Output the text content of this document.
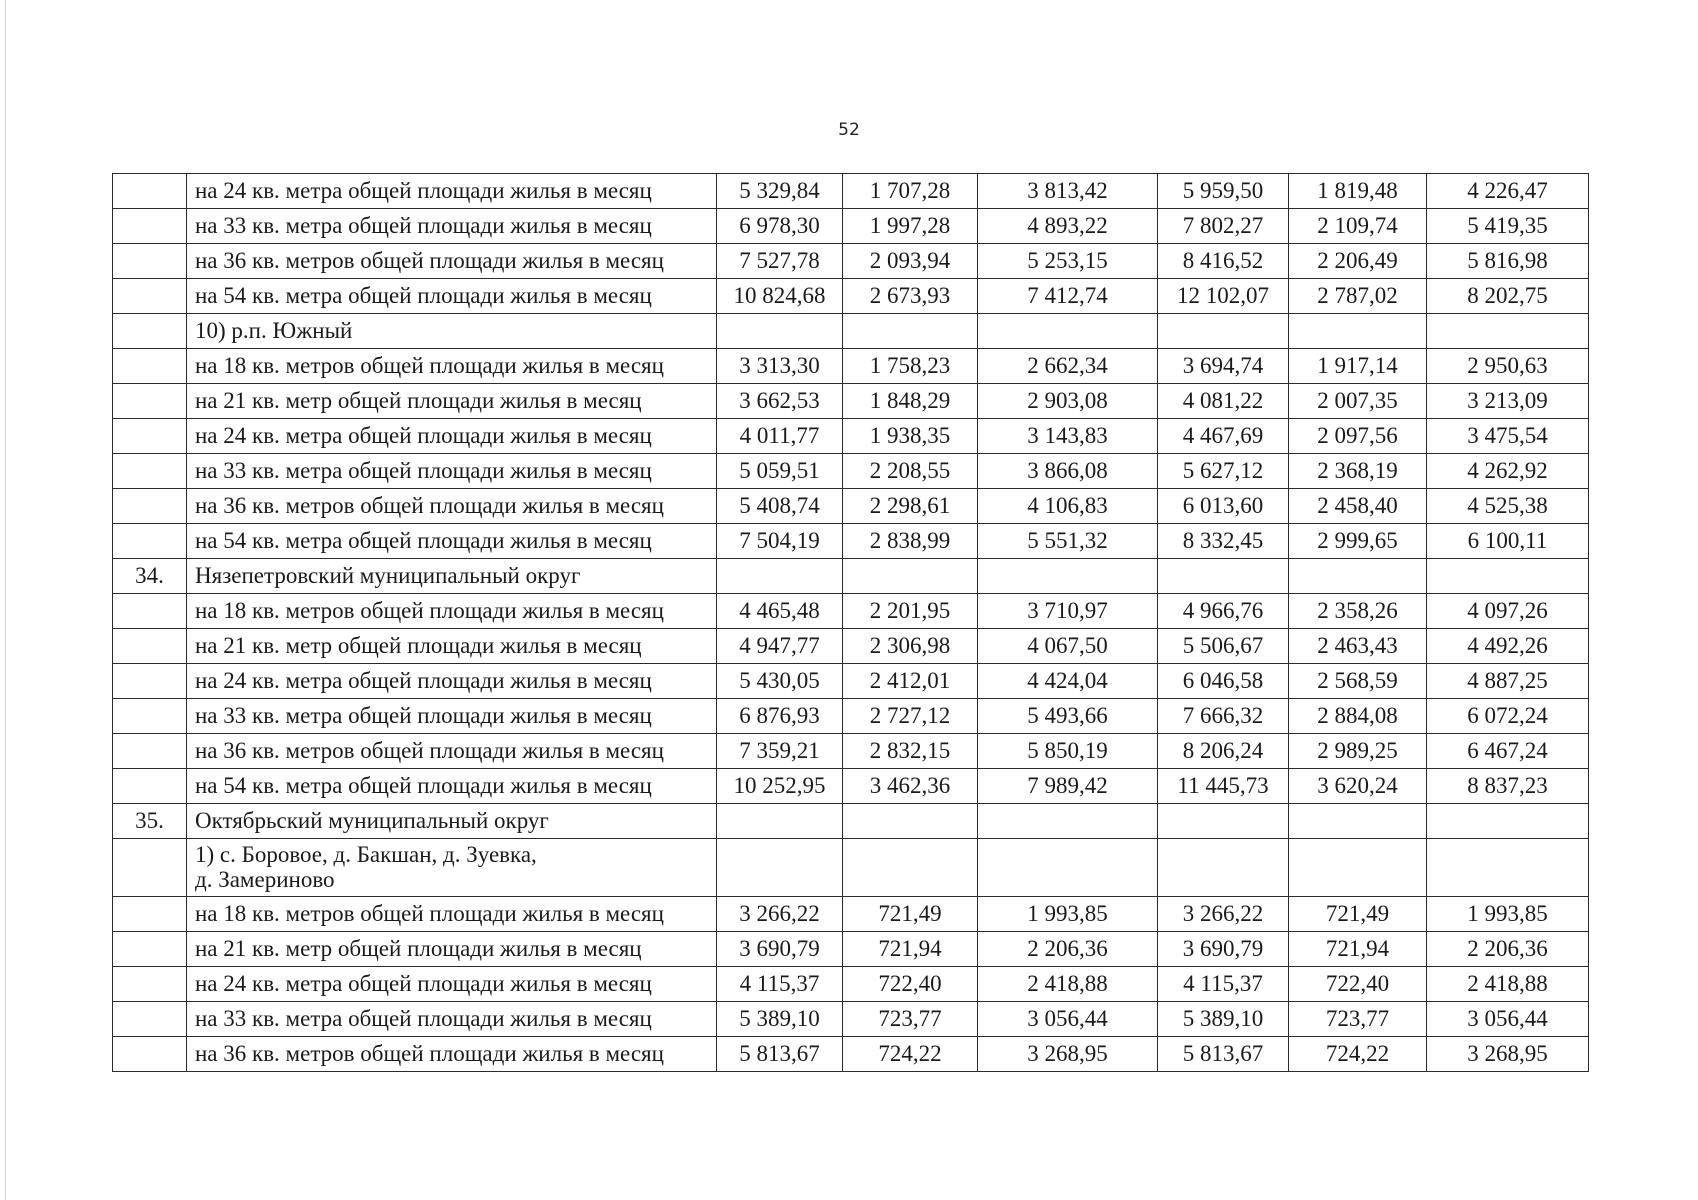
52
	на 24 кв. метра общей площади жилья в месяц	5 329,84	1 707,28	3 813,42	5 959,50	1 819,48	4 226,47
	на 33 кв. метра общей площади жилья в месяц	6 978,30	1 997,28	4 893,22	7 802,27	2 109,74	5 419,35
	на 36 кв. метров общей площади жилья в месяц	7 527,78	2 093,94	5 253,15	8 416,52	2 206,49	5 816,98
	на 54 кв. метра общей площади жилья в месяц	10 824,68	2 673,93	7 412,74	12 102,07	2 787,02	8 202,75
	10) р.п. Южный						
	на 18 кв. метров общей площади жилья в месяц	3 313,30	1 758,23	2 662,34	3 694,74	1 917,14	2 950,63
	на 21 кв. метр общей площади жилья в месяц	3 662,53	1 848,29	2 903,08	4 081,22	2 007,35	3 213,09
	на 24 кв. метра общей площади жилья в месяц	4 011,77	1 938,35	3 143,83	4 467,69	2 097,56	3 475,54
	на 33 кв. метра общей площади жилья в месяц	5 059,51	2 208,55	3 866,08	5 627,12	2 368,19	4 262,92
	на 36 кв. метров общей площади жилья в месяц	5 408,74	2 298,61	4 106,83	6 013,60	2 458,40	4 525,38
	на 54 кв. метра общей площади жилья в месяц	7 504,19	2 838,99	5 551,32	8 332,45	2 999,65	6 100,11
34.	Нязепетровский муниципальный округ						
	на 18 кв. метров общей площади жилья в месяц	4 465,48	2 201,95	3 710,97	4 966,76	2 358,26	4 097,26
	на 21 кв. метр общей площади жилья в месяц	4 947,77	2 306,98	4 067,50	5 506,67	2 463,43	4 492,26
	на 24 кв. метра общей площади жилья в месяц	5 430,05	2 412,01	4 424,04	6 046,58	2 568,59	4 887,25
	на 33 кв. метра общей площади жилья в месяц	6 876,93	2 727,12	5 493,66	7 666,32	2 884,08	6 072,24
	на 36 кв. метров общей площади жилья в месяц	7 359,21	2 832,15	5 850,19	8 206,24	2 989,25	6 467,24
	на 54 кв. метра общей площади жилья в месяц	10 252,95	3 462,36	7 989,42	11 445,73	3 620,24	8 837,23
35.	Октябрьский муниципальный округ						
	1) с. Боровое, д. Бакшан, д. Зуевка,
д. Замериново						
	на 18 кв. метров общей площади жилья в месяц	3 266,22	721,49	1 993,85	3 266,22	721,49	1 993,85
	на 21 кв. метр общей площади жилья в месяц	3 690,79	721,94	2 206,36	3 690,79	721,94	2 206,36
	на 24 кв. метра общей площади жилья в месяц	4 115,37	722,40	2 418,88	4 115,37	722,40	2 418,88
	на 33 кв. метра общей площади жилья в месяц	5 389,10	723,77	3 056,44	5 389,10	723,77	3 056,44
	на 36 кв. метров общей площади жилья в месяц	5 813,67	724,22	3 268,95	5 813,67	724,22	3 268,95
